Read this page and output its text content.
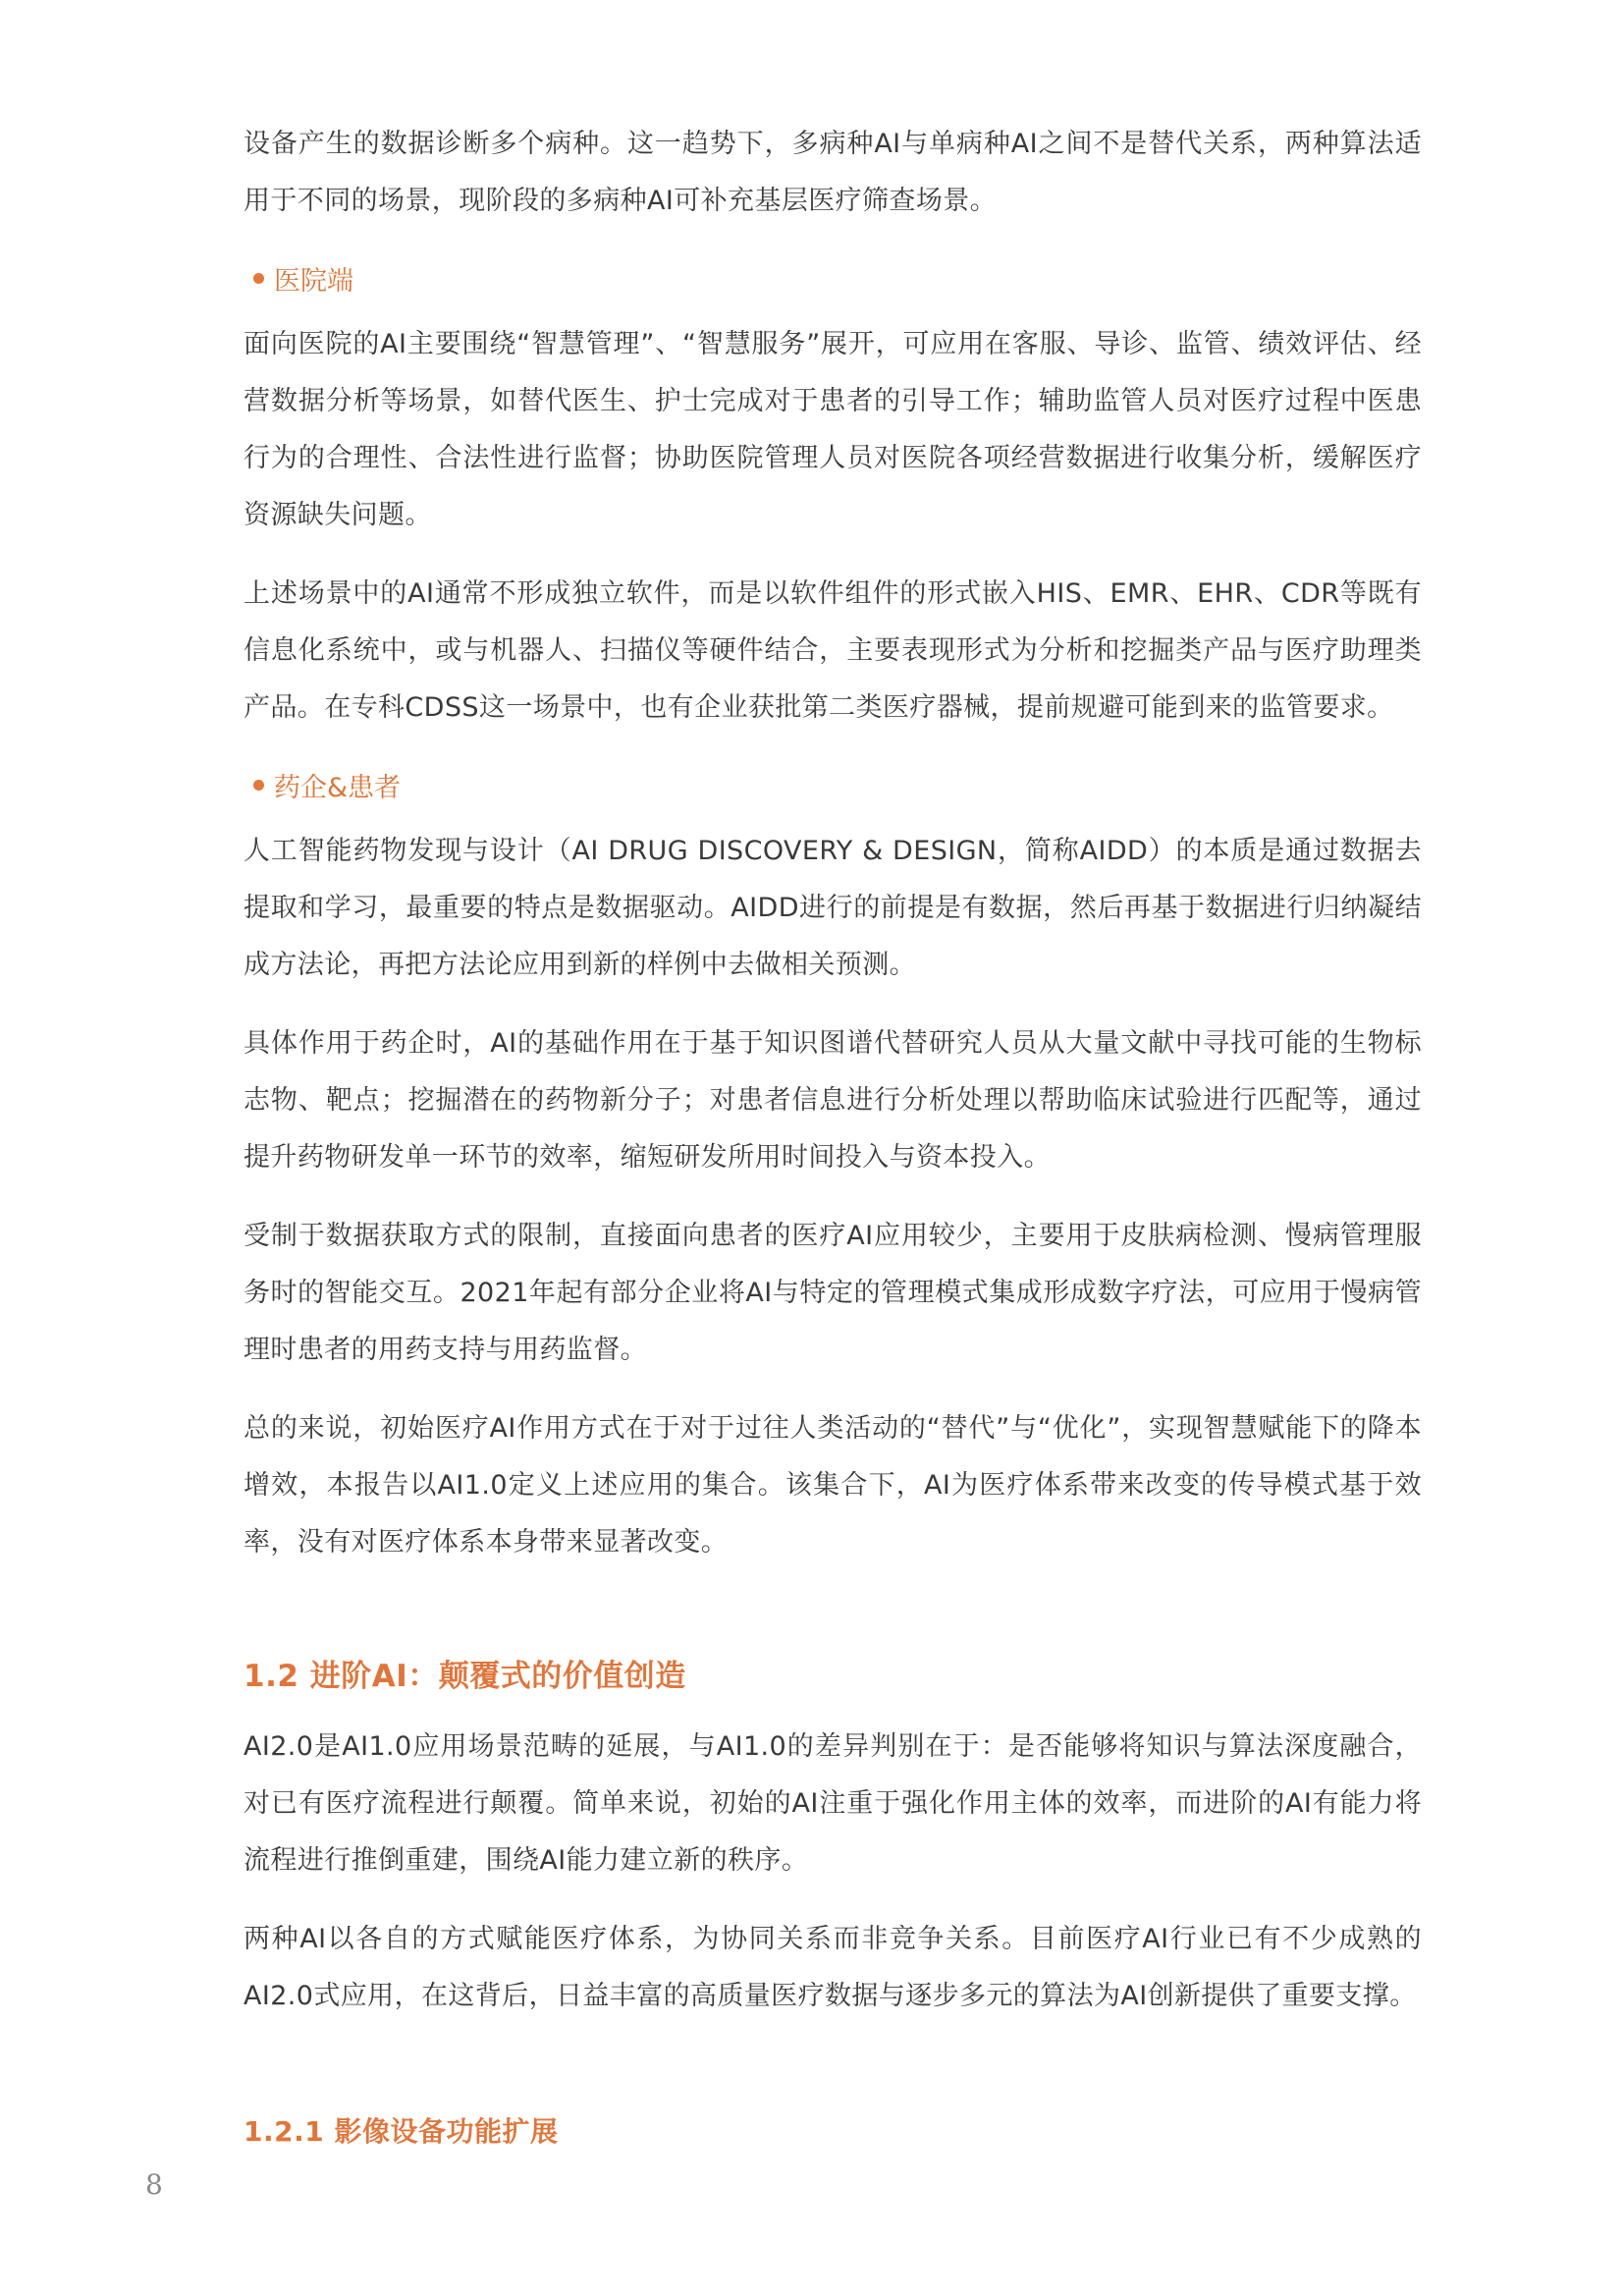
设备产生的数据诊断多个病种。这一趋势下，多病种AI与单病种AI之间不是替代关系，两种算法适用于不同的场景，现阶段的多病种AI可补充基层医疗筛查场景。

医院端

面向医院的AI主要围绕“智慧管理”、“智慧服务”展开，可应用在客服、导诊、监管、绩效评估、经营数据分析等场景，如替代医生、护士完成对于患者的引导工作；辅助监管人员对医疗过程中医患行为的合理性、合法性进行监督；协助医院管理人员对医院各项经营数据进行收集分析，缓解医疗资源缺失问题。

上述场景中的AI通常不形成独立软件，而是以软件组件的形式嵌入HIS、EMR、EHR、CDR等既有信息化系统中，或与机器人、扫描仪等硬件结合，主要表现形式为分析和挖掘类产品与医疗助理类产品。在专科CDSS这一场景中，也有企业获批第二类医疗器械，提前规避可能到来的监管要求。

药企&患者

人工智能药物发现与设计（AI DRUG DISCOVERY & DESIGN，简称AIDD）的本质是通过数据去提取和学习，最重要的特点是数据驱动。AIDD进行的前提是有数据，然后再基于数据进行归纳凝结成方法论，再把方法论应用到新的样例中去做相关预测。

具体作用于药企时，AI的基础作用在于基于知识图谱代替研究人员从大量文献中寻找可能的生物标志物、靶点；挖掘潜在的药物新分子；对患者信息进行分析处理以帮助临床试验进行匹配等，通过提升药物研发单一环节的效率，缩短研发所用时间投入与资本投入。

受制于数据获取方式的限制，直接面向患者的医疗AI应用较少，主要用于皮肤病检测、慢病管理服务时的智能交互。2021年起有部分企业将AI与特定的管理模式集成形成数字疗法，可应用于慢病管理时患者的用药支持与用药监督。

总的来说，初始医疗AI作用方式在于对于过往人类活动的“替代”与“优化”，实现智慧赋能下的降本增效，本报告以AI1.0定义上述应用的集合。该集合下，AI为医疗体系带来改变的传导模式基于效率，没有对医疗体系本身带来显著改变。

1.2 进阶AI：颠覆式的价值创造

AI2.0是AI1.0应用场景范畴的延展，与AI1.0的差异判别在于：是否能够将知识与算法深度融合，对已有医疗流程进行颠覆。简单来说，初始的AI注重于强化作用主体的效率，而进阶的AI有能力将流程进行推倒重建，围绕AI能力建立新的秩序。

两种AI以各自的方式赋能医疗体系，为协同关系而非竞争关系。目前医疗AI行业已有不少成熟的AI2.0式应用，在这背后，日益丰富的高质量医疗数据与逐步多元的算法为AI创新提供了重要支撑。

1.2.1 影像设备功能扩展
8
